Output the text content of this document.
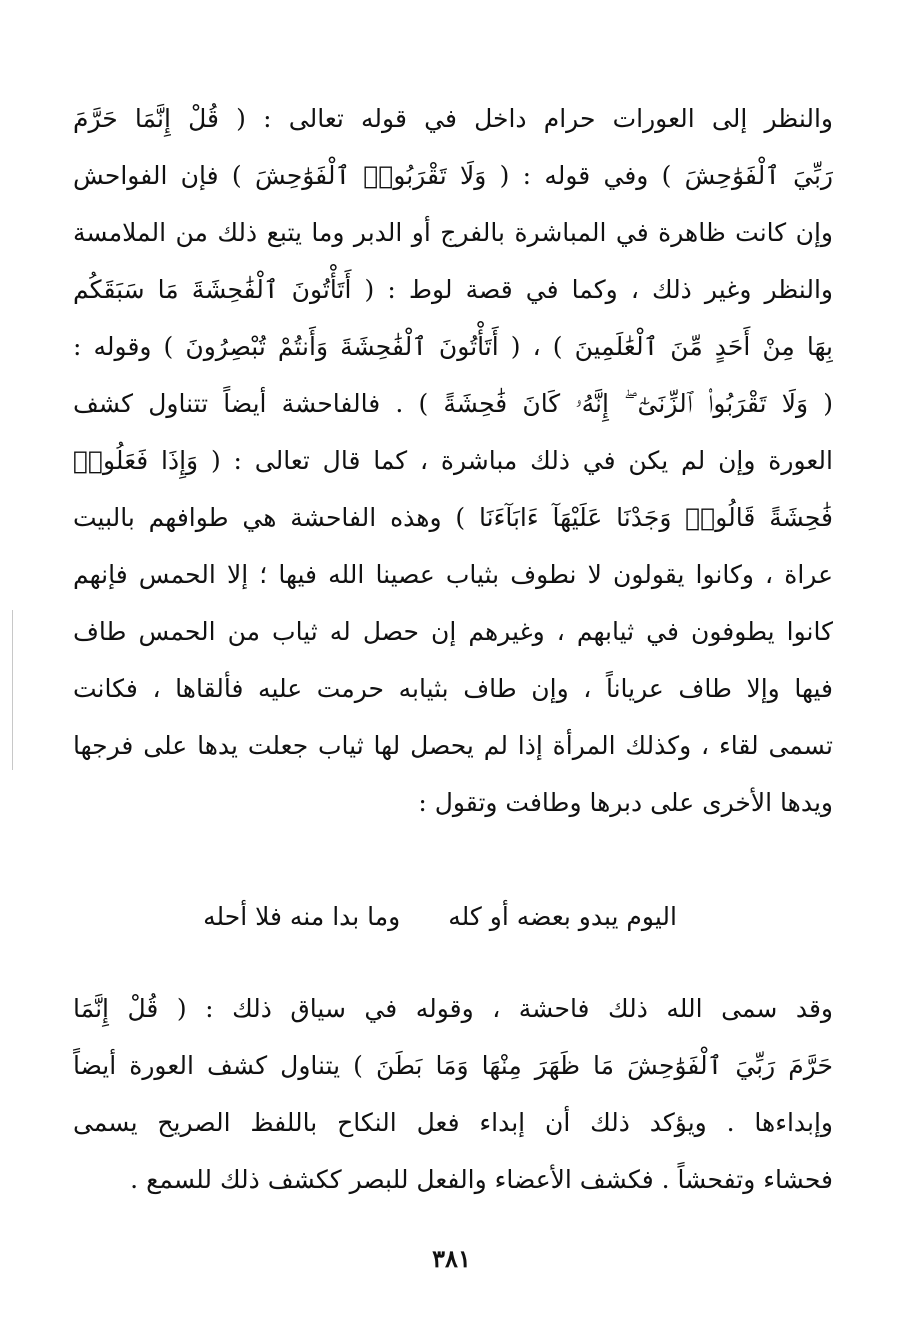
والنظر إلى العورات حرام داخل في قوله تعالى : ( قُلْ إِنَّمَا حَرَّمَ
رَبِّيَ ٱلْفَوَٰحِشَ ) وفي قوله : ( وَلَا تَقْرَبُوا۟ ٱلْفَوَٰحِشَ ) فإن الفواحش
وإن كانت ظاهرة في المباشرة بالفرج أو الدبر وما يتبع ذلك من الملامسة
والنظر وغير ذلك ، وكما في قصة لوط : ( أَتَأْتُونَ ٱلْفَٰحِشَةَ مَا سَبَقَكُم
بِهَا مِنْ أَحَدٍ مِّنَ ٱلْعَٰلَمِينَ ) ، ( أَتَأْتُونَ ٱلْفَٰحِشَةَ وَأَنتُمْ تُبْصِرُونَ ) وقوله :
( وَلَا تَقْرَبُوا۟ ٱلزِّنَىٰٓ ۖ إِنَّهُۥ كَانَ فَٰحِشَةً ) . فالفاحشة أيضاً تتناول كشف
العورة وإن لم يكن في ذلك مباشرة ، كما قال تعالى : ( وَإِذَا فَعَلُوا۟
فَٰحِشَةً قَالُوا۟ وَجَدْنَا عَلَيْهَآ ءَابَآءَنَا ) وهذه الفاحشة هي طوافهم بالبيت
عراة ، وكانوا يقولون لا نطوف بثياب عصينا الله فيها ؛ إلا الحمس فإنهم
كانوا يطوفون في ثيابهم ، وغيرهم إن حصل له ثياب من الحمس طاف
فيها وإلا طاف عرياناً ، وإن طاف بثيابه حرمت عليه فألقاها ، فكانت
تسمى لقاء ، وكذلك المرأة إذا لم يحصل لها ثياب جعلت يدها على فرجها
ويدها الأخرى على دبرها وطافت وتقول :
اليوم يبدو بعضه أو كله
وما بدا منه فلا أحله
وقد سمى الله ذلك فاحشة ، وقوله في سياق ذلك : ( قُلْ إِنَّمَا
حَرَّمَ رَبِّيَ ٱلْفَوَٰحِشَ مَا ظَهَرَ مِنْهَا وَمَا بَطَنَ ) يتناول كشف العورة أيضاً
وإبداءها . ويؤكد ذلك أن إبداء فعل النكاح باللفظ الصريح يسمى
فحشاء وتفحشاً . فكشف الأعضاء والفعل للبصر ككشف ذلك للسمع .
٣٨١
